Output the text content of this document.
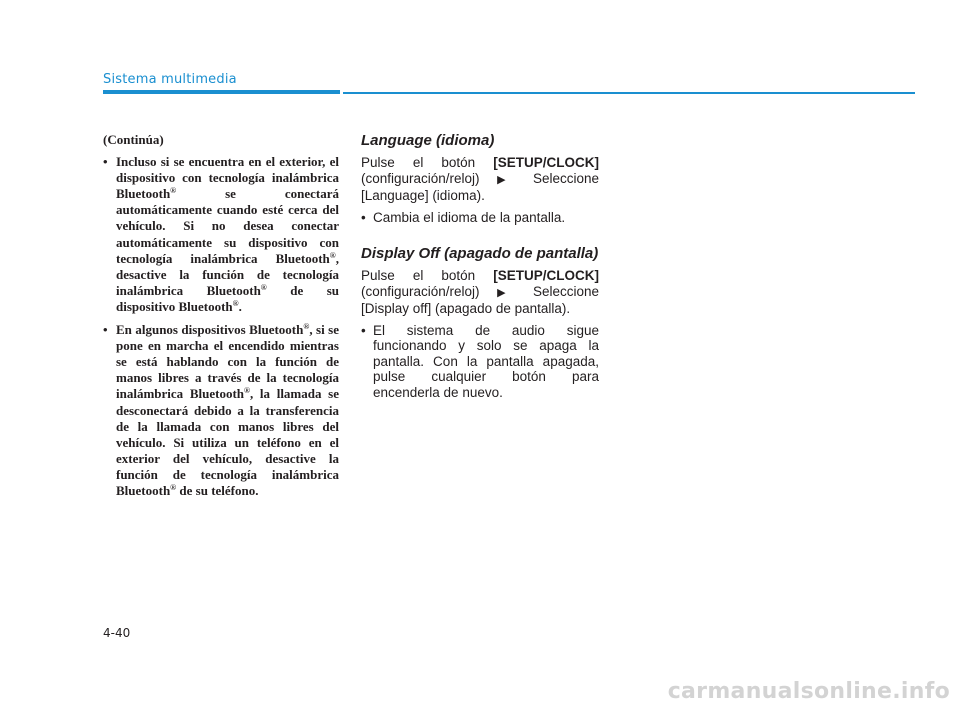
Sistema multimedia

(Continúa)

• Incluso si se encuentra en el exterior, el dispositivo con tecnología inalámbrica Bluetooth® se conectará automáticamente cuando esté cerca del vehículo. Si no desea conectar automáticamente su dispositivo con tecnología inalámbrica Bluetooth®, desactive la función de tecnología inalámbrica Bluetooth® de su dispositivo Bluetooth®.
• En algunos dispositivos Bluetooth®, si se pone en marcha el encendido mientras se está hablando con la función de manos libres a través de la tecnología inalámbrica Bluetooth®, la llamada se desconectará debido a la transferencia de la llamada con manos libres del vehículo. Si utiliza un teléfono en el exterior del vehículo, desactive la función de tecnología inalámbrica Bluetooth® de su teléfono.
Language (idioma)

Pulse el botón [SETUP/CLOCK] (configuración/reloj) ▶ Seleccione [Language] (idioma).

• Cambia el idioma de la pantalla.
Display Off (apagado de pantalla)

Pulse el botón [SETUP/CLOCK] (configuración/reloj) ▶ Seleccione [Display off] (apagado de pantalla).

• El sistema de audio sigue funcionando y solo se apaga la pantalla. Con la pantalla apagada, pulse cualquier botón para encenderla de nuevo.
4-40
carmanualsonline.info
